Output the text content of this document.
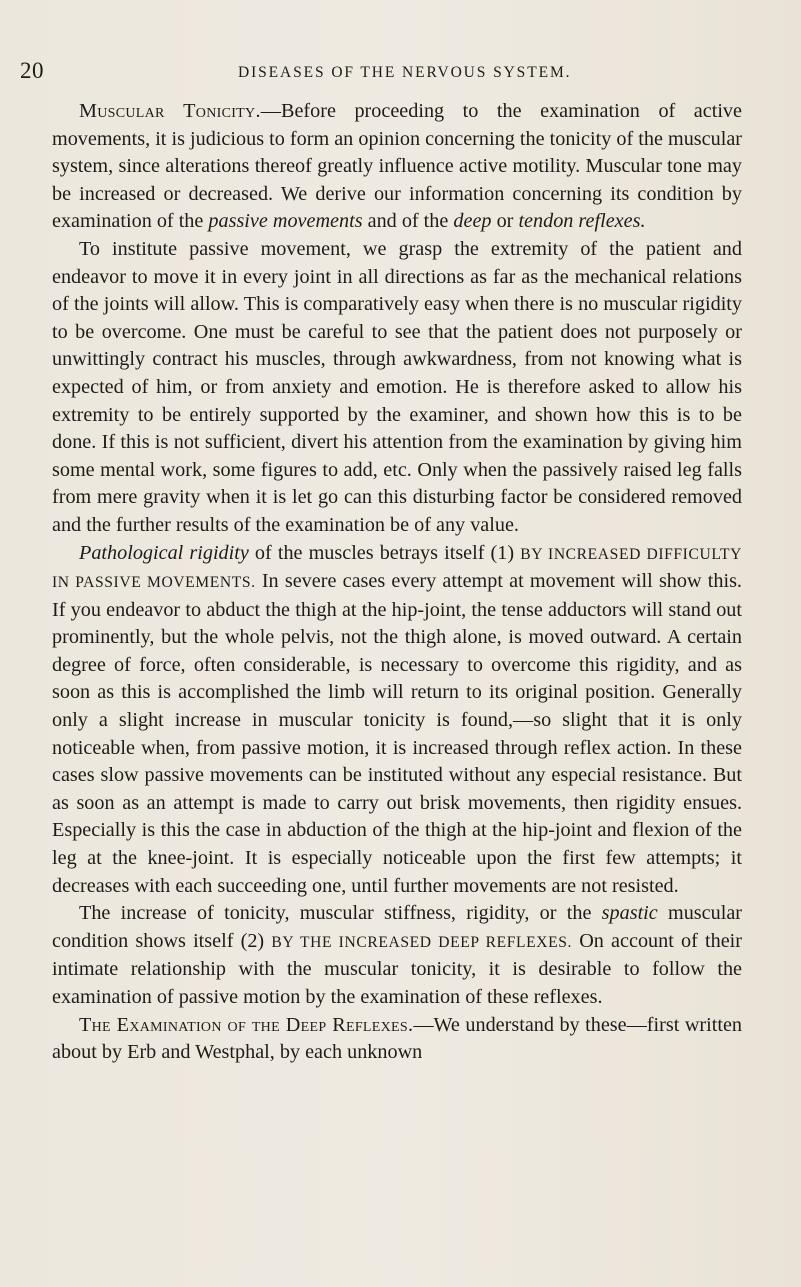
20	DISEASES OF THE NERVOUS SYSTEM.

Muscular Tonicity.—Before proceeding to the examination of active movements, it is judicious to form an opinion concerning the tonicity of the muscular system, since alterations thereof greatly influence active motility. Muscular tone may be increased or decreased. We derive our information concerning its condition by examination of the passive movements and of the deep or tendon reflexes.

To institute passive movement, we grasp the extremity of the patient and endeavor to move it in every joint in all directions as far as the mechanical relations of the joints will allow. This is comparatively easy when there is no muscular rigidity to be overcome. One must be careful to see that the patient does not purposely or unwittingly contract his muscles, through awkwardness, from not knowing what is expected of him, or from anxiety and emotion. He is therefore asked to allow his extremity to be entirely supported by the examiner, and shown how this is to be done. If this is not sufficient, divert his attention from the examination by giving him some mental work, some figures to add, etc. Only when the passively raised leg falls from mere gravity when it is let go can this disturbing factor be considered removed and the further results of the examination be of any value.

Pathological rigidity of the muscles betrays itself (1) BY INCREASED DIFFICULTY IN PASSIVE MOVEMENTS. In severe cases every attempt at movement will show this. If you endeavor to abduct the thigh at the hip-joint, the tense adductors will stand out prominently, but the whole pelvis, not the thigh alone, is moved outward. A certain degree of force, often considerable, is necessary to overcome this rigidity, and as soon as this is accomplished the limb will return to its original position. Generally only a slight increase in muscular tonicity is found,—so slight that it is only noticeable when, from passive motion, it is increased through reflex action. In these cases slow passive movements can be instituted without any especial resistance. But as soon as an attempt is made to carry out brisk movements, then rigidity ensues. Especially is this the case in abduction of the thigh at the hip-joint and flexion of the leg at the knee-joint. It is especially noticeable upon the first few attempts; it decreases with each succeeding one, until further movements are not resisted.

The increase of tonicity, muscular stiffness, rigidity, or the spastic muscular condition shows itself (2) BY THE INCREASED DEEP REFLEXES. On account of their intimate relationship with the muscular tonicity, it is desirable to follow the examination of passive motion by the examination of these reflexes.

The Examination of the Deep Reflexes.—We understand by these—first written about by Erb and Westphal, by each unknown
